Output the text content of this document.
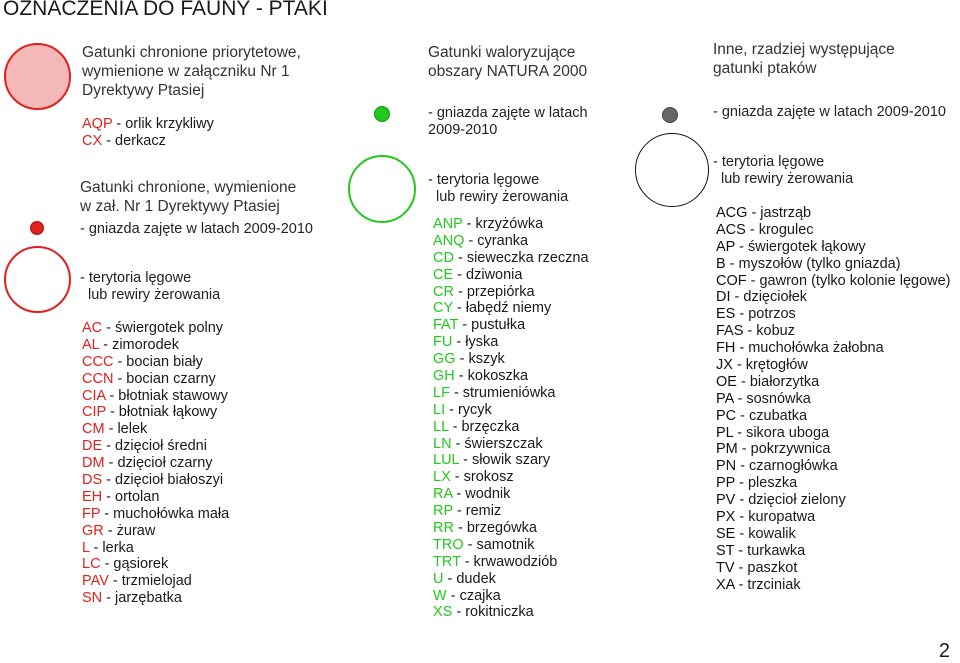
OZNACZENIA DO FAUNY - PTAKI
Gatunki chronione priorytetowe,
wymienione w załączniku Nr 1
Dyrektywy Ptasiej
AQP - orlik krzykliwy
CX - derkacz
Gatunki chronione, wymienione
w zał. Nr 1 Dyrektywy Ptasiej
- gniazda zajęte w latach 2009-2010
- terytoria lęgowe
lub rewiry żerowania
AC - świergotek polny
AL - zimorodek
CCC - bocian biały
CCN - bocian czarny
CIA - błotniak stawowy
CIP - błotniak łąkowy
CM - lelek
DE - dzięcioł średni
DM - dzięcioł czarny
DS - dzięcioł białoszyi
EH - ortolan
FP - muchołówka mała
GR - żuraw
L - lerka
LC - gąsiorek
PAV - trzmielojad
SN - jarzębatka
Gatunki waloryzujące
obszary NATURA 2000
- gniazda zajęte w latach
2009-2010
- terytoria lęgowe
lub rewiry żerowania
ANP - krzyżówka
ANQ - cyranka
CD - sieweczka rzeczna
CE - dziwonia
CR - przepiórka
CY - łabędź niemy
FAT - pustułka
FU - łyska
GG - kszyk
GH - kokoszka
LF - strumieniówka
LI - rycyk
LL - brzęczka
LN - świerszczak
LUL - słowik szary
LX - srokosz
RA - wodnik
RP - remiz
RR - brzegówka
TRO - samotnik
TRT - krwawodziób
U - dudek
W - czajka
XS - rokitniczka
Inne, rzadziej występujące
gatunki ptaków
- gniazda zajęte w latach 2009-2010
- terytoria lęgowe
lub rewiry żerowania
ACG - jastrząb
ACS - krogulec
AP - świergotek łąkowy
B - myszołów (tylko gniazda)
COF - gawron (tylko kolonie lęgowe)
DI - dzięciołek
ES - potrzos
FAS - kobuz
FH - muchołówka żałobna
JX - krętogłów
OE - białorzytka
PA - sosnówka
PC - czubatka
PL - sikora uboga
PM - pokrzywnica
PN - czarnogłówka
PP - pleszka
PV - dzięcioł zielony
PX - kuropatwa
SE - kowalik
ST - turkawka
TV - paszkot
XA - trzciniak
2
